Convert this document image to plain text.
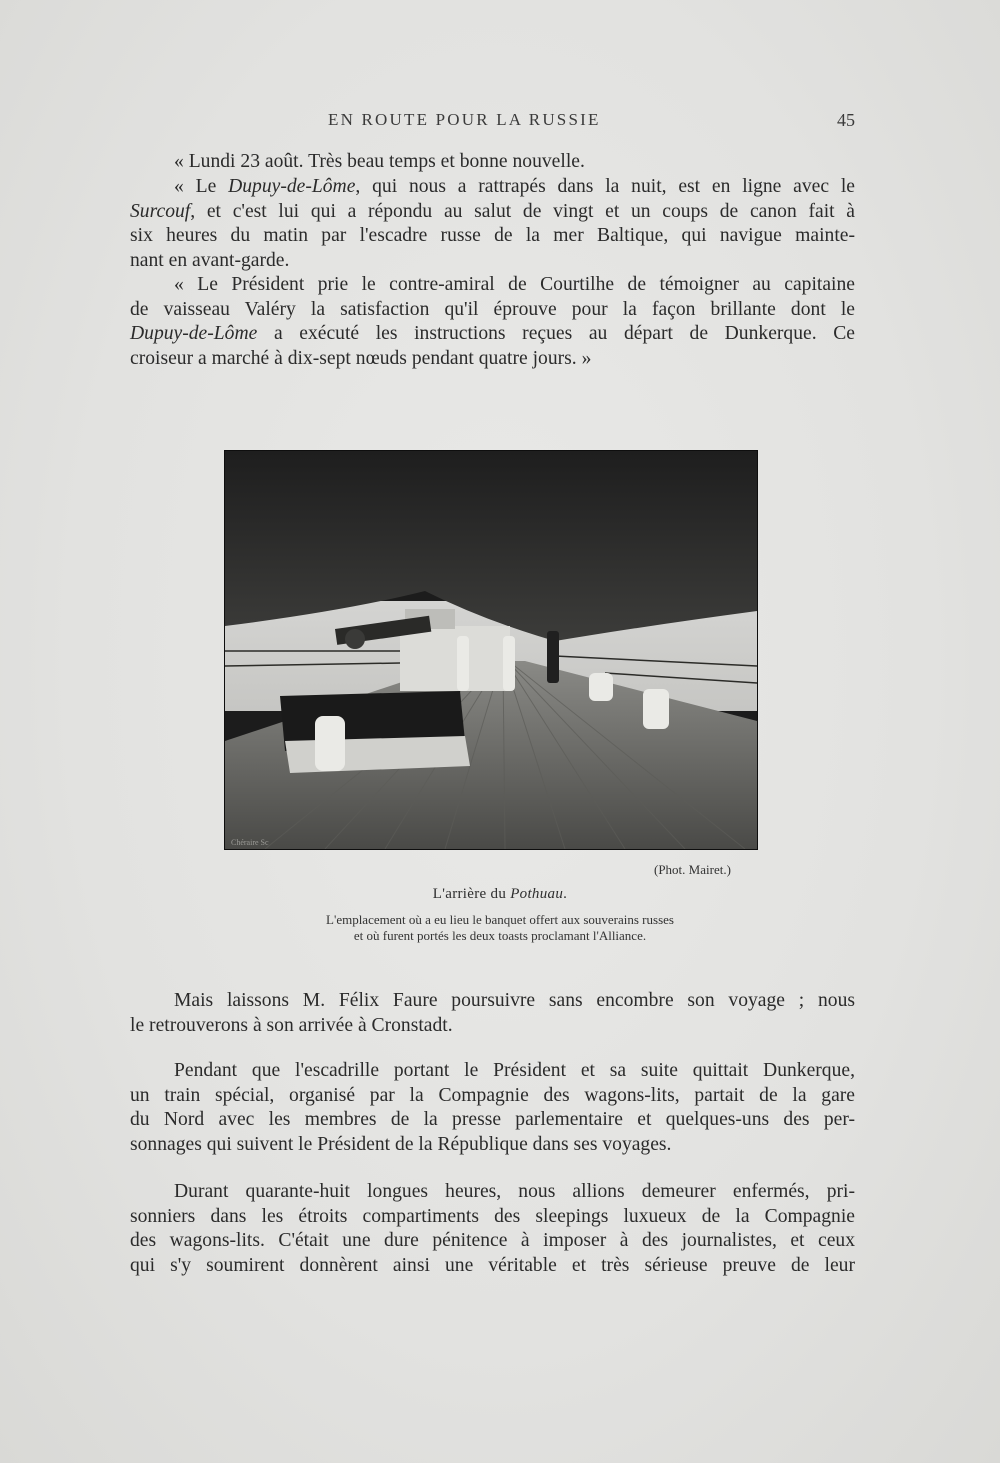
EN ROUTE POUR LA RUSSIE	45

« Lundi 23 août. Très beau temps et bonne nouvelle.

« Le Dupuy-de-Lôme, qui nous a rattrapés dans la nuit, est en ligne avec le
Surcouf, et c'est lui qui a répondu au salut de vingt et un coups de canon fait à
six heures du matin par l'escadre russe de la mer Baltique, qui navigue mainte-
nant en avant-garde.

« Le Président prie le contre-amiral de Courtilhe de témoigner au capitaine
de vaisseau Valéry la satisfaction qu'il éprouve pour la façon brillante dont le
Dupuy-de-Lôme a exécuté les instructions reçues au départ de Dunkerque. Ce
croiseur a marché à dix-sept nœuds pendant quatre jours. »

Chéraire Sc
(Phot. Mairet.)
L'arrière du Pothuau.
L'emplacement où a eu lieu le banquet offert aux souverains russes
et où furent portés les deux toasts proclamant l'Alliance.

Mais laissons M. Félix Faure poursuivre sans encombre son voyage ; nous
le retrouverons à son arrivée à Cronstadt.

Pendant que l'escadrille portant le Président et sa suite quittait Dunkerque,
un train spécial, organisé par la Compagnie des wagons-lits, partait de la gare
du Nord avec les membres de la presse parlementaire et quelques-uns des per-
sonnages qui suivent le Président de la République dans ses voyages.

Durant quarante-huit longues heures, nous allions demeurer enfermés, pri-
sonniers dans les étroits compartiments des sleepings luxueux de la Compagnie
des wagons-lits. C'était une dure pénitence à imposer à des journalistes, et ceux
qui s'y soumirent donnèrent ainsi une véritable et très sérieuse preuve de leur
